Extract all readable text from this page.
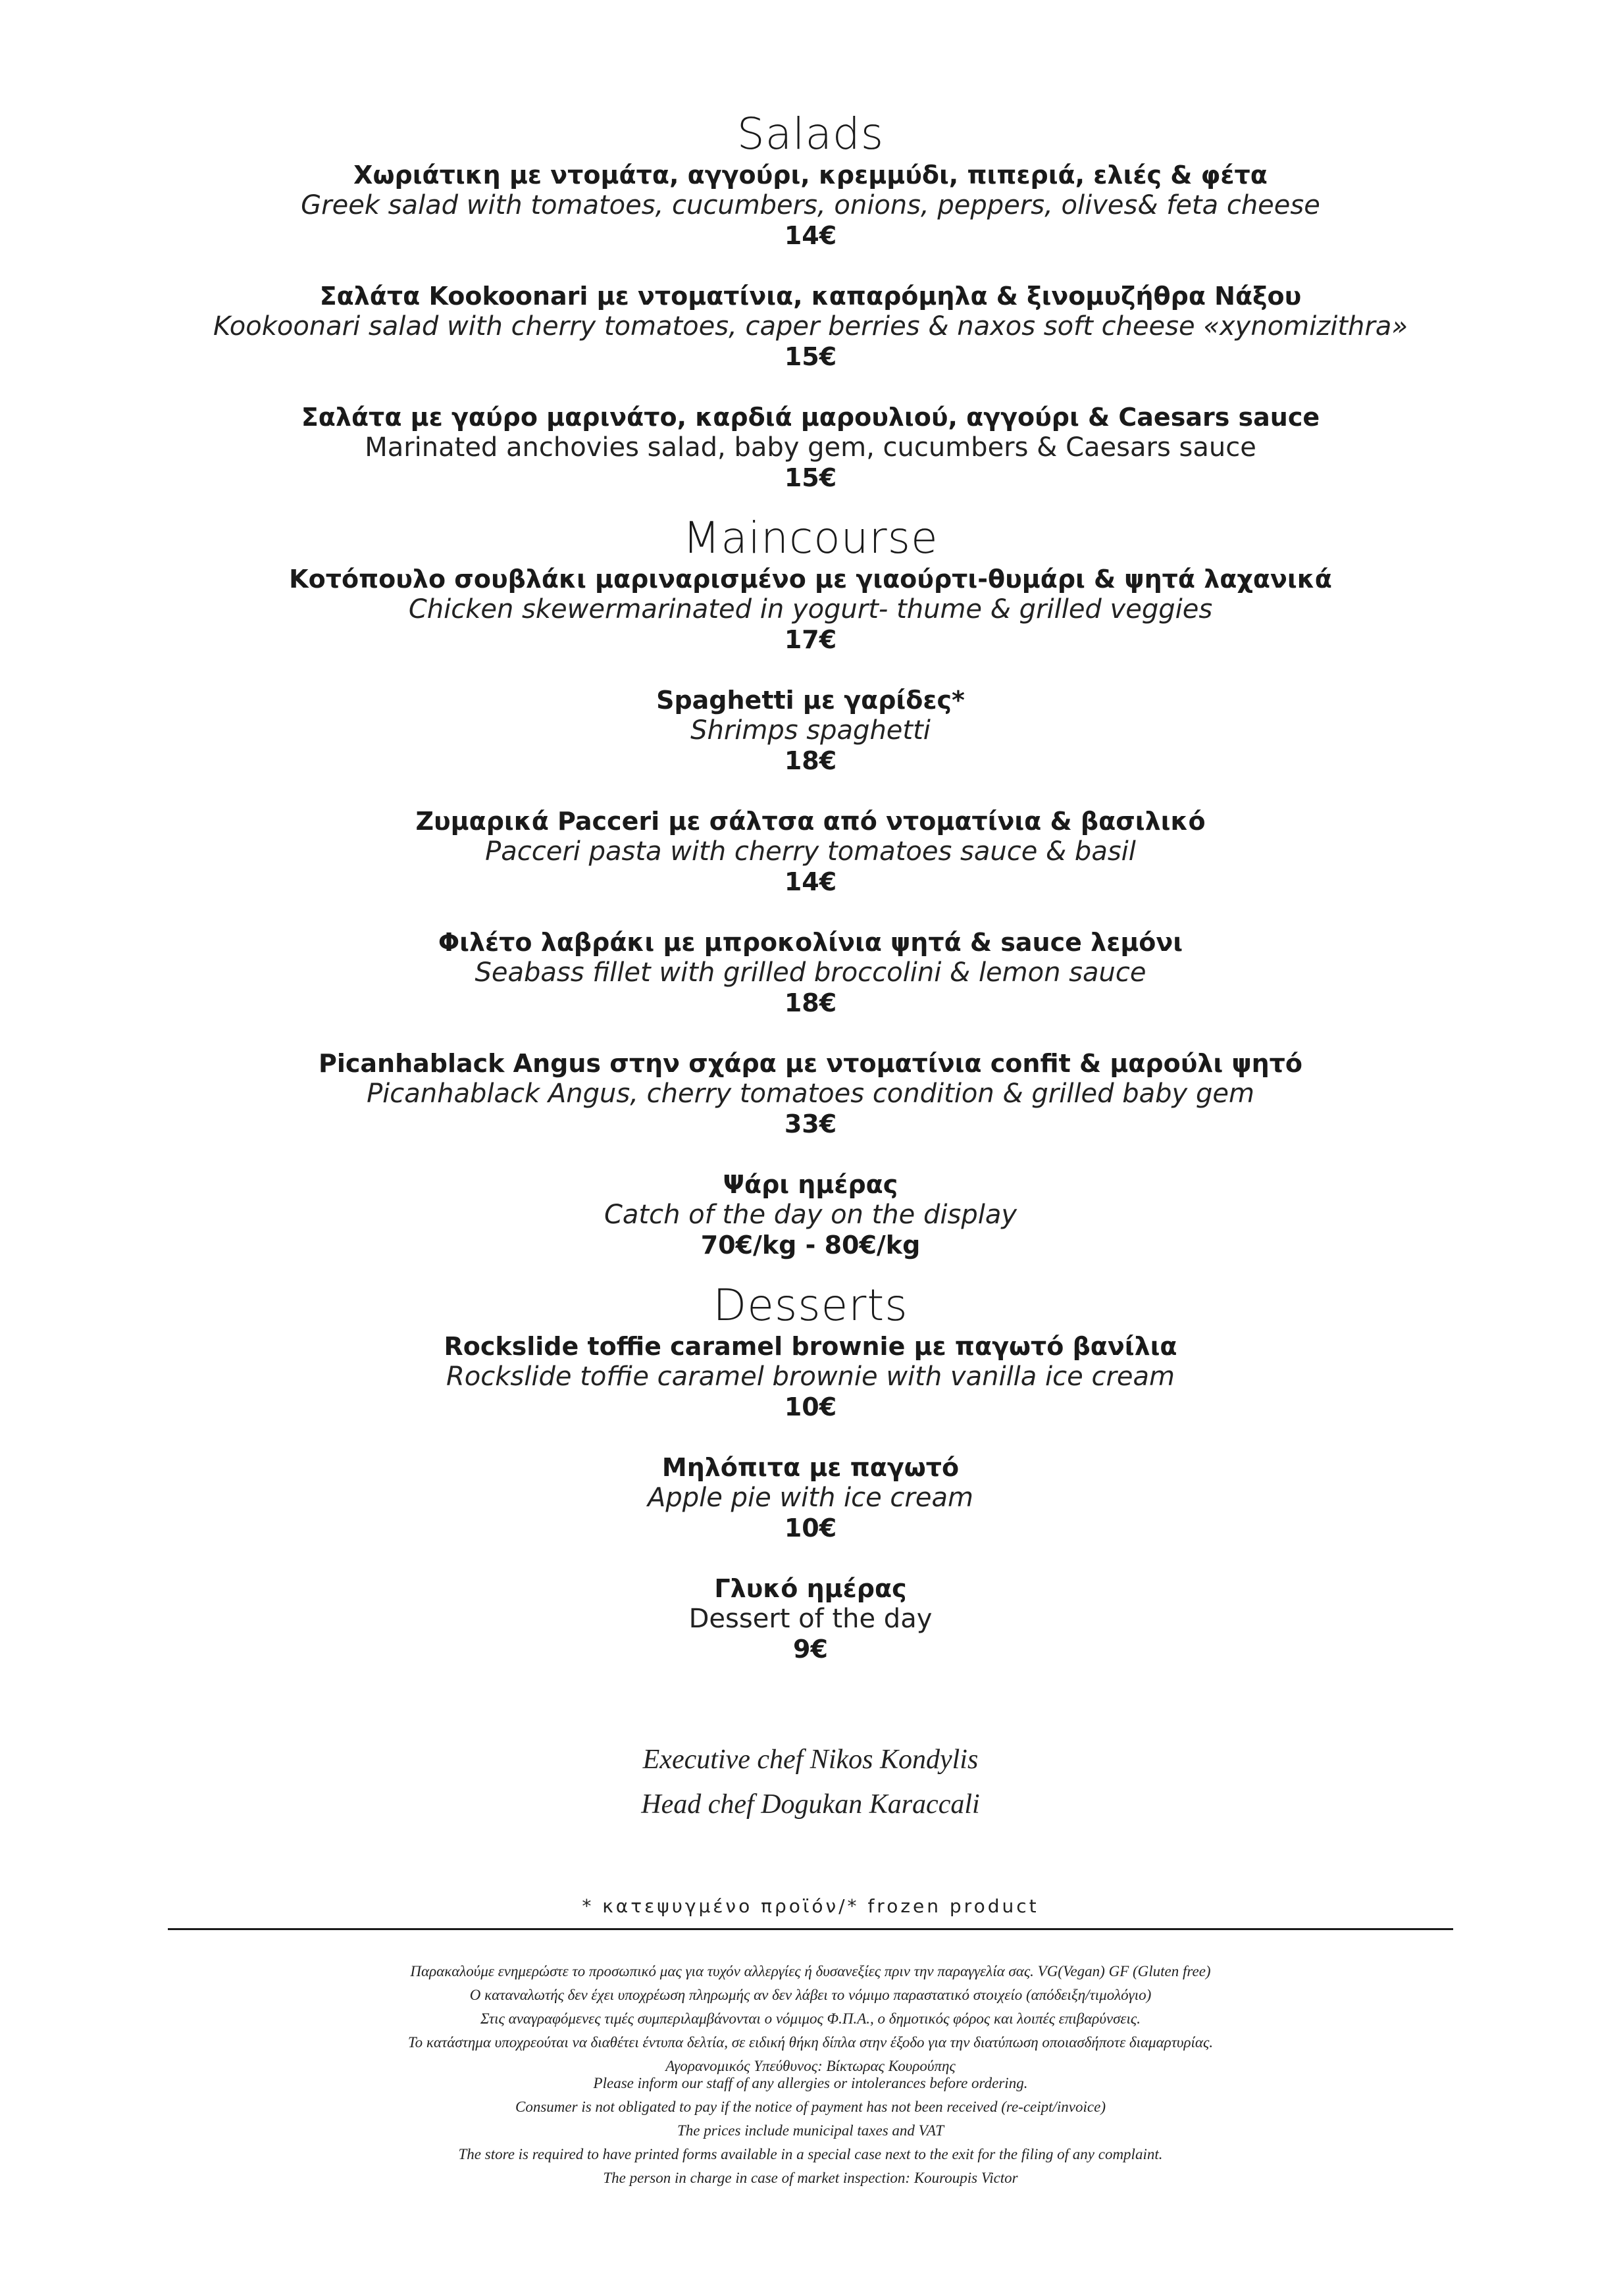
Salads
Χωριάτικη με ντομάτα, αγγούρι, κρεμμύδι, πιπεριά, ελιές & φέτα
Greek salad with tomatoes, cucumbers, onions, peppers, olives& feta cheese
14€
Σαλάτα Kookoonari με ντοματίνια, καπαρόμηλα & ξινομυζήθρα Νάξου
Kookoonari salad with cherry tomatoes, caper berries & naxos soft cheese «xynomizithra»
15€
Σαλάτα με γαύρο μαρινάτο, καρδιά μαρουλιού, αγγούρι & Caesars sauce
Marinated anchovies salad, baby gem, cucumbers & Caesars sauce
15€
Maincourse
Κοτόπουλο σουβλάκι μαριναρισμένο με γιαούρτι-θυμάρι & ψητά λαχανικά
Chicken skewermarinated in yogurt- thume & grilled veggies
17€
Spaghetti με γαρίδες*
Shrimps spaghetti
18€
Ζυμαρικά Pacceri με σάλτσα από ντοματίνια & βασιλικό
Pacceri pasta with cherry tomatoes sauce & basil
14€
Φιλέτο λαβράκι με μπροκολίνια ψητά & sauce λεμόνι
Seabass fillet with grilled broccolini & lemon sauce
18€
Picanhablack Angus στην σχάρα με ντοματίνια confit & μαρούλι ψητό
Picanhablack Angus, cherry tomatoes condition & grilled baby gem
33€
Ψάρι ημέρας
Catch of the day on the display
70€/kg - 80€/kg
Desserts
Rockslide toffie caramel brownie με παγωτό βανίλια
Rockslide toffie caramel brownie with vanilla ice cream
10€
Μηλόπιτα με παγωτό
Apple pie with ice cream
10€
Γλυκό ημέρας
Dessert of the day
9€
Executive chef Nikos Kondylis
Head chef Dogukan Karaccali
* κατεψυγμένο προϊόν/* frozen product
Παρακαλούμε ενημερώστε το προσωπικό μας για τυχόν αλλεργίες ή δυσανεξίες πριν την παραγγελία σας. VG(Vegan) GF (Gluten free)
Ο καταναλωτής δεν έχει υποχρέωση πληρωμής αν δεν λάβει το νόμιμο παραστατικό στοιχείο (απόδειξη/τιμολόγιο)
Στις αναγραφόμενες τιμές συμπεριλαμβάνονται ο νόμιμος Φ.Π.Α., ο δημοτικός φόρος και λοιπές επιβαρύνσεις.
Το κατάστημα υποχρεούται να διαθέτει έντυπα δελτία, σε ειδική θήκη δίπλα στην έξοδο για την διατύπωση οποιασδήποτε διαμαρτυρίας.
Αγορανομικός Υπεύθυνος: Βίκτωρας Κουρούπης
Please inform our staff of any allergies or intolerances before ordering.
Consumer is not obligated to pay if the notice of payment has not been received (re-ceipt/invoice)
The prices include municipal taxes and VAT
The store is required to have printed forms available in a special case next to the exit for the filing of any complaint.
The person in charge in case of market inspection: Kouroupis Victor
